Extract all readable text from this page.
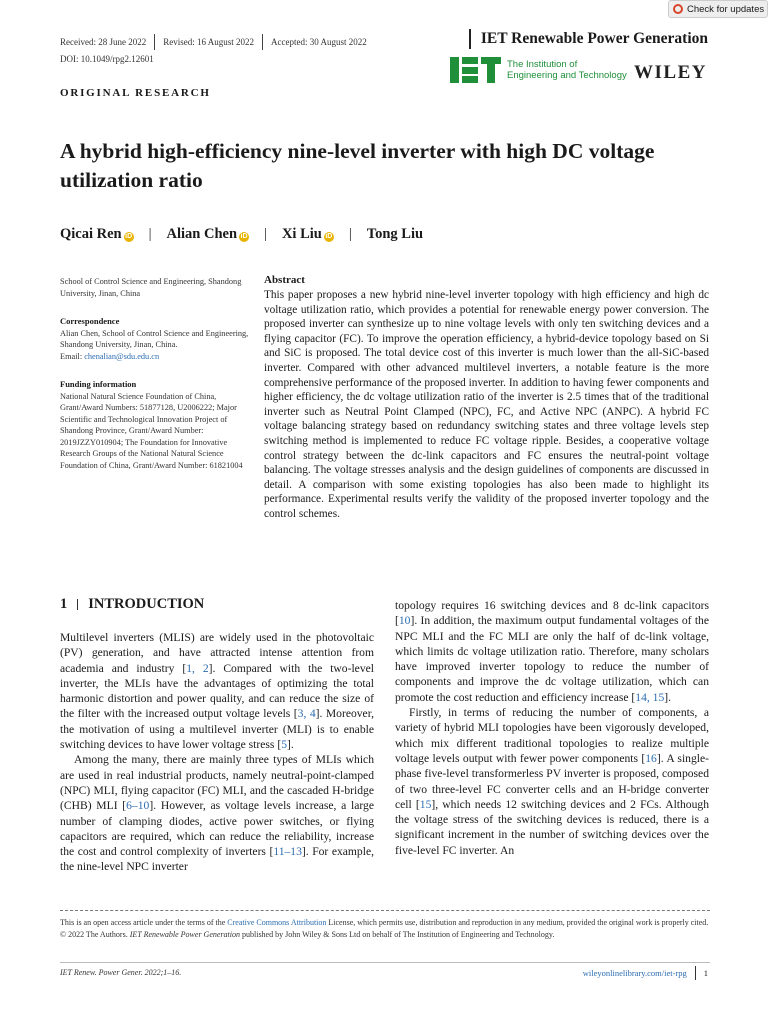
Check for updates
Received: 28 June 2022 Revised: 16 August 2022 Accepted: 30 August 2022	IET Renewable Power Generation
DOI: 10.1049/rpg2.12601	The Institution of
Engineering and Technology WILEY
ORIGINAL RESEARCH
A hybrid high-efficiency nine-level inverter with high DC voltage utilization ratio
Qicai Ren iD | Alian Chen iD | Xi Liu iD | Tong Liu

School of Control Science and Engineering, Shandong University, Jinan, China

Correspondence

Alian Chen, School of Control Science and Engineering, Shandong University, Jinan, China.

Email: chenalian@sdu.edu.cn

Funding information

National Natural Science Foundation of China, Grant/Award Numbers: 51877128, U2006222; Major Scientific and Technological Innovation Project of Shandong Province, Grant/Award Number: 2019JZZY010904; The Foundation for Innovative Research Groups of the National Natural Science Foundation of China, Grant/Award Number: 61821004

Abstract

This paper proposes a new hybrid nine-level inverter topology with high efficiency and high dc voltage utilization ratio, which provides a potential for renewable energy power conversion. The proposed inverter can synthesize up to nine voltage levels with only ten switching devices and a flying capacitor (FC). To improve the operation efficiency, a hybrid-device topology based on Si and SiC is proposed. The total device cost of this inverter is much lower than the all-SiC-based inverter. Compared with other advanced multilevel inverters, a notable feature is the more comprehensive performance of the proposed inverter. In addition to having fewer components and higher efficiency, the dc voltage utilization ratio of the inverter is 2.5 times that of the traditional inverter such as Neutral Point Clamped (NPC), FC, and Active NPC (ANPC). A hybrid FC voltage balancing strategy based on redundancy switching states and three voltage levels step switching method is implemented to reduce FC voltage ripple. Besides, a cooperative voltage control strategy between the dc-link capacitors and FC ensures the neutral-point voltage balancing. The voltage stresses analysis and the design guidelines of components are discussed in detail. A comparison with some existing topologies has also been made to highlight its performance. Experimental results verify the validity of the proposed inverter topology and the control schemes.

1 INTRODUCTION

Multilevel inverters (MLIS) are widely used in the photovoltaic (PV) generation, and have attracted intense attention from academia and industry [1, 2]. Compared with the two-level inverter, the MLIs have the advantages of optimizing the total harmonic distortion and power quality, and can reduce the size of the filter with the increased output voltage levels [3, 4]. Moreover, the motivation of using a multilevel inverter (MLI) is to enable switching devices to have lower voltage stress [5].

Among the many, there are mainly three types of MLIs which are used in real industrial products, namely neutral-point-clamped (NPC) MLI, flying capacitor (FC) MLI, and the cascaded H-bridge (CHB) MLI [6–10]. However, as voltage levels increase, a large number of clamping diodes, active power switches, or flying capacitors are required, which can reduce the reliability, increase the cost and control complexity of inverters [11–13]. For example, the nine-level NPC inverter

topology requires 16 switching devices and 8 dc-link capacitors [10]. In addition, the maximum output fundamental voltages of the NPC MLI and the FC MLI are only the half of dc-link voltage, which limits dc voltage utilization ratio. Therefore, many scholars have improved inverter topology to reduce the number of components and improve the dc voltage utilization, which can promote the cost reduction and efficiency increase [14, 15].

Firstly, in terms of reducing the number of components, a variety of hybrid MLI topologies have been vigorously developed, which mix different traditional topologies to realize multiple voltage levels output with fewer power components [16]. A single-phase five-level transformerless PV inverter is proposed, composed of two three-level FC converter cells and an H-bridge converter cell [15], which needs 12 switching devices and 2 FCs. Although the voltage stress of the switching devices is reduced, there is a significant increment in the number of switching devices over the five-level FC inverter. An

This is an open access article under the terms of the Creative Commons Attribution License, which permits use, distribution and reproduction in any medium, provided the original work is properly cited.
© 2022 The Authors. IET Renewable Power Generation published by John Wiley & Sons Ltd on behalf of The Institution of Engineering and Technology.
IET Renew. Power Gener. 2022;1–16.	wileyonlinelibrary.com/iet-rpg 1
